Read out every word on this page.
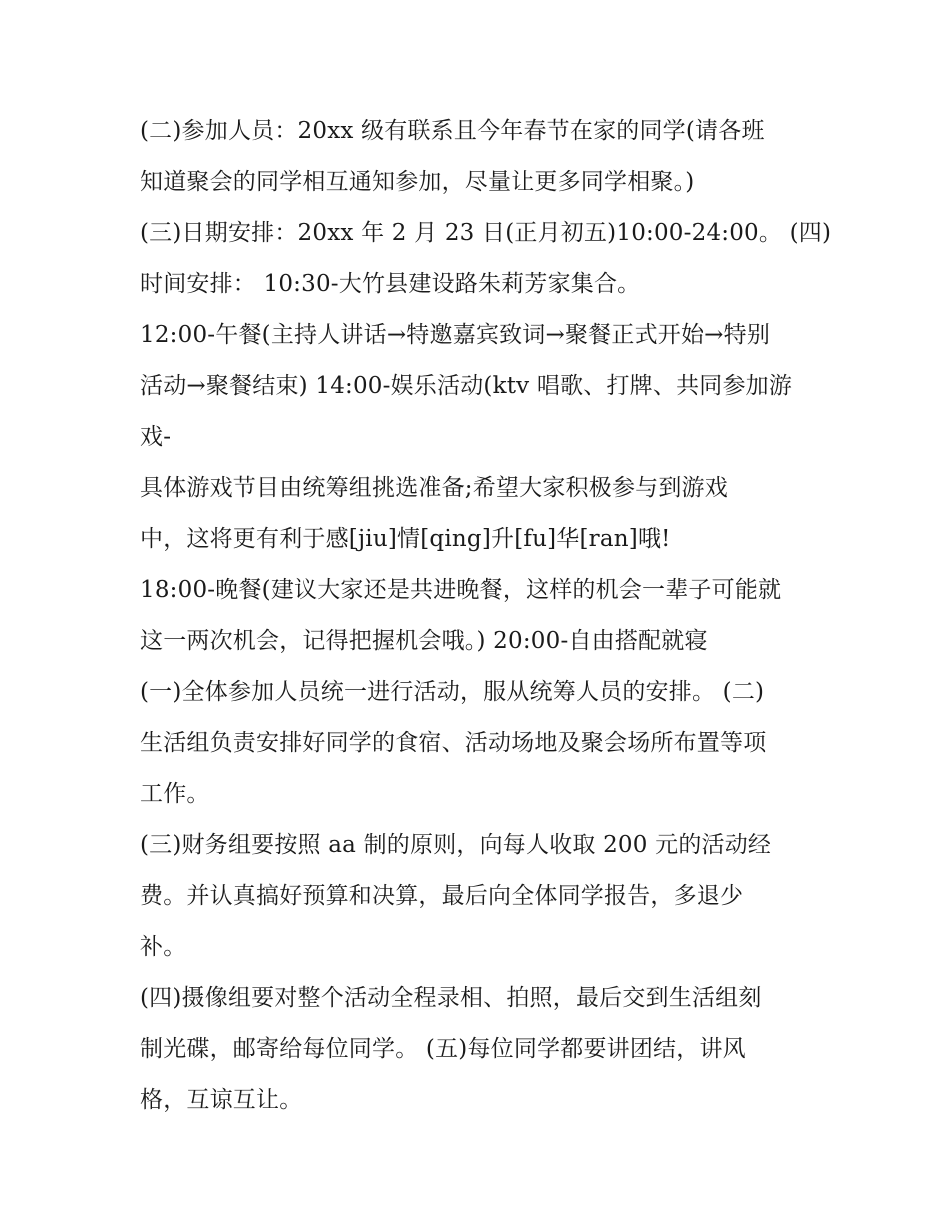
(二)参加人员：20xx 级有联系且今年春节在家的同学(请各班
知道聚会的同学相互通知参加，尽量让更多同学相聚。)
(三)日期安排：20xx 年 2 月 23 日(正月初五)10:00-24:00。 (四)
时间安排： 10:30-大竹县建设路朱莉芳家集合。
12:00-午餐(主持人讲话→特邀嘉宾致词→聚餐正式开始→特别
活动→聚餐结束) 14:00-娱乐活动(ktv 唱歌、打牌、共同参加游
戏-
具体游戏节目由统筹组挑选准备;希望大家积极参与到游戏
中，这将更有利于感[jiu]情[qing]升[fu]华[ran]哦!
18:00-晚餐(建议大家还是共进晚餐，这样的机会一辈子可能就
这一两次机会，记得把握机会哦。) 20:00-自由搭配就寝
(一)全体参加人员统一进行活动，服从统筹人员的安排。 (二)
生活组负责安排好同学的食宿、活动场地及聚会场所布置等项
工作。
(三)财务组要按照 aa 制的原则，向每人收取 200 元的活动经
费。并认真搞好预算和决算，最后向全体同学报告，多退少
补。
(四)摄像组要对整个活动全程录相、拍照，最后交到生活组刻
制光碟，邮寄给每位同学。 (五)每位同学都要讲团结，讲风
格，互谅互让。
